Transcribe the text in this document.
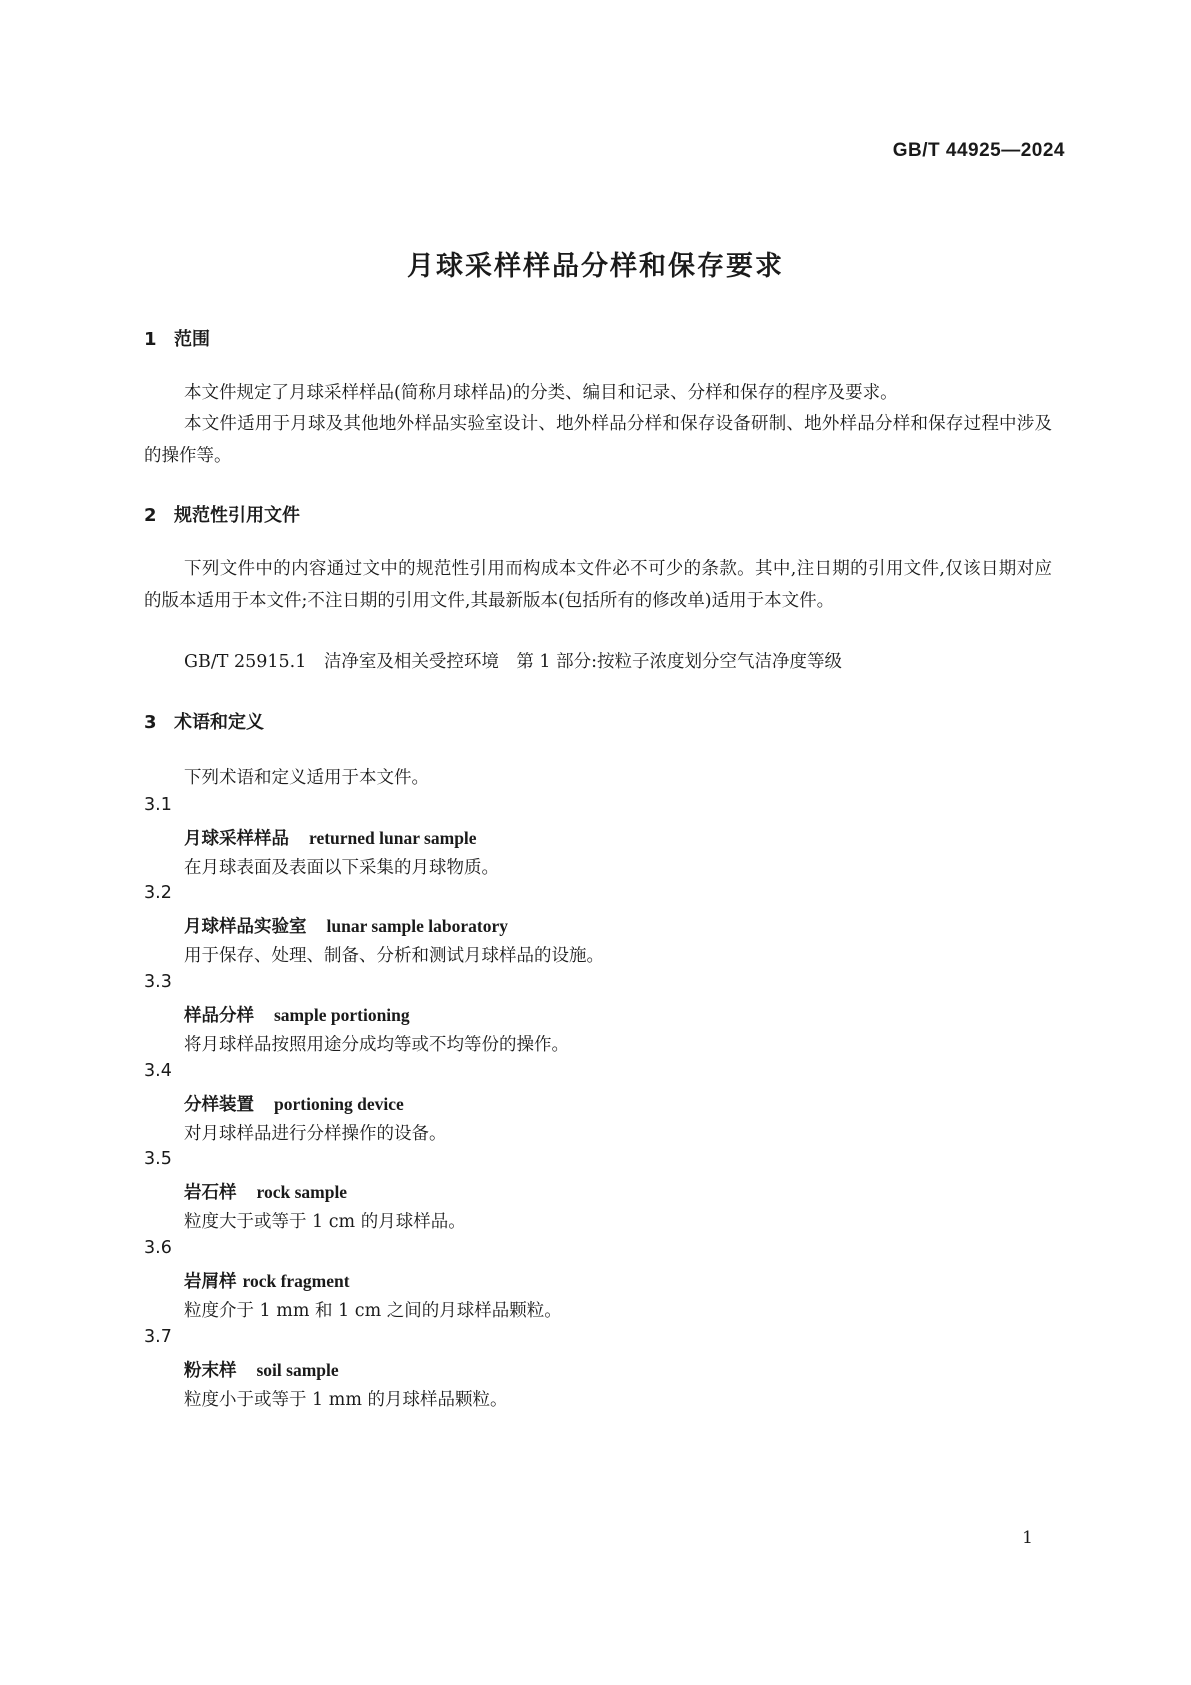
GB/T 44925—2024
月球采样样品分样和保存要求
1 范围
本文件规定了月球采样样品(简称月球样品)的分类、编目和记录、分样和保存的程序及要求。
本文件适用于月球及其他地外样品实验室设计、地外样品分样和保存设备研制、地外样品分样和保存过程中涉及的操作等。
2 规范性引用文件
下列文件中的内容通过文中的规范性引用而构成本文件必不可少的条款。其中,注日期的引用文件,仅该日期对应的版本适用于本文件;不注日期的引用文件,其最新版本(包括所有的修改单)适用于本文件。
GB/T 25915.1　洁净室及相关受控环境　第 1 部分:按粒子浓度划分空气洁净度等级
3 术语和定义
下列术语和定义适用于本文件。
3.1
月球采样样品 returned lunar sample
在月球表面及表面以下采集的月球物质。
3.2
月球样品实验室 lunar sample laboratory
用于保存、处理、制备、分析和测试月球样品的设施。
3.3
样品分样 sample portioning
将月球样品按照用途分成均等或不均等份的操作。
3.4
分样装置 portioning device
对月球样品进行分样操作的设备。
3.5
岩石样 rock sample
粒度大于或等于 1 cm 的月球样品。
3.6
岩屑样 rock fragment
粒度介于 1 mm 和 1 cm 之间的月球样品颗粒。
3.7
粉末样 soil sample
粒度小于或等于 1 mm 的月球样品颗粒。
1
